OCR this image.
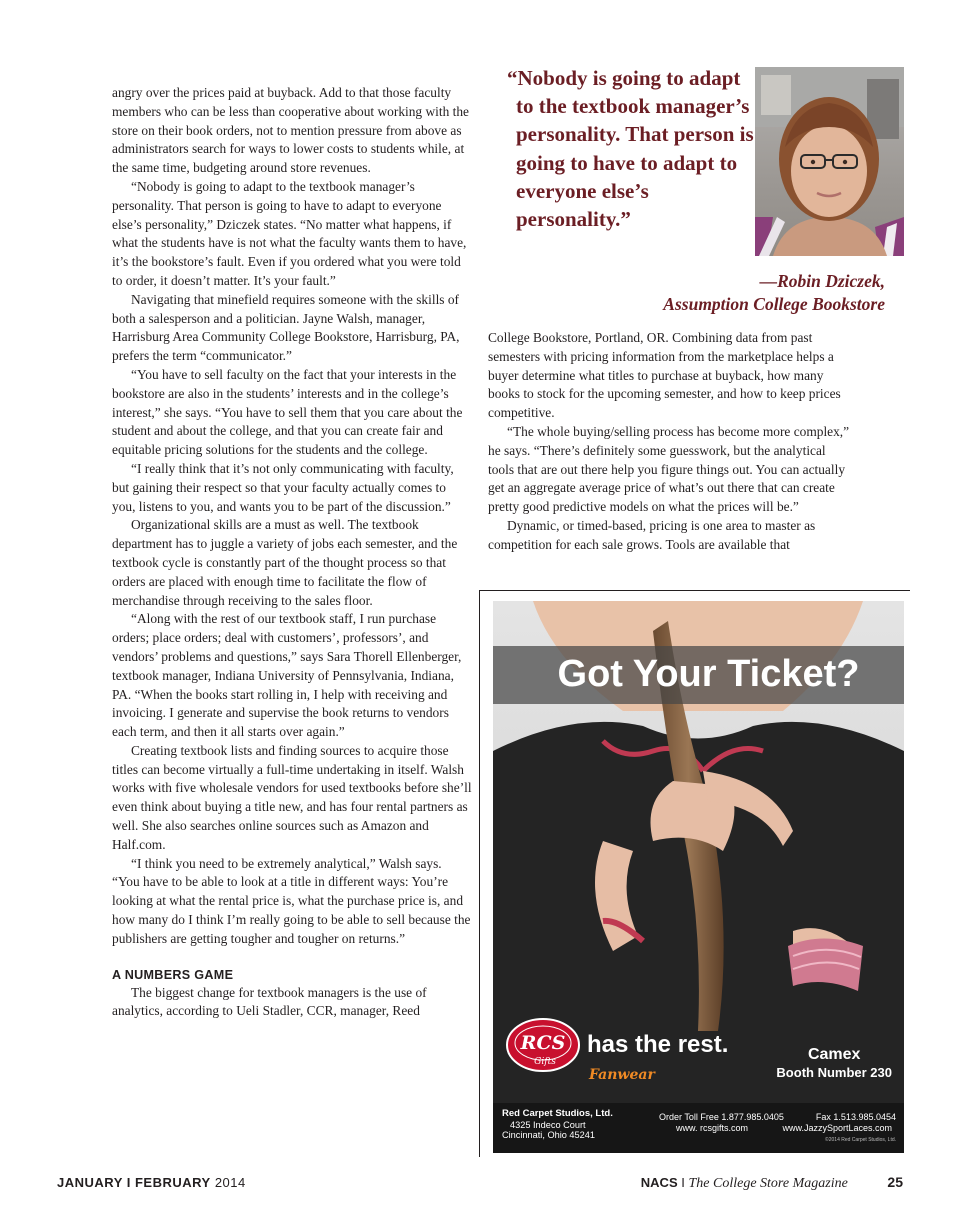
angry over the prices paid at buyback. Add to that those faculty members who can be less than cooperative about working with the store on their book orders, not to mention pressure from above as administrators search for ways to lower costs to students while, at the same time, budgeting around store revenues.

“Nobody is going to adapt to the textbook manager’s personality. That person is going to have to adapt to everyone else’s personality,” Dziczek states. “No matter what happens, if what the students have is not what the faculty wants them to have, it’s the bookstore’s fault. Even if you ordered what you were told to order, it doesn’t matter. It’s your fault.”

Navigating that minefield requires someone with the skills of both a salesperson and a politician. Jayne Walsh, manager, Harrisburg Area Community College Bookstore, Harrisburg, PA, prefers the term “communicator.”

“You have to sell faculty on the fact that your interests in the bookstore are also in the students’ interests and in the college’s interest,” she says. “You have to sell them that you care about the student and about the college, and that you can create fair and equitable pricing solutions for the students and the college.

“I really think that it’s not only communicating with faculty, but gaining their respect so that your faculty actually comes to you, listens to you, and wants you to be part of the discussion.”

Organizational skills are a must as well. The textbook department has to juggle a variety of jobs each semester, and the textbook cycle is constantly part of the thought process so that orders are placed with enough time to facilitate the flow of merchandise through receiving to the sales floor.

“Along with the rest of our textbook staff, I run purchase orders; place orders; deal with customers’, professors’, and vendors’ problems and questions,” says Sara Thorell Ellenberger, textbook manager, Indiana University of Pennsylvania, Indiana, PA. “When the books start rolling in, I help with receiving and invoicing. I generate and supervise the book returns to vendors each term, and then it all starts over again.”

Creating textbook lists and finding sources to acquire those titles can become virtually a full-time undertaking in itself. Walsh works with five wholesale vendors for used textbooks before she’ll even think about buying a title new, and has four rental partners as well. She also searches online sources such as Amazon and Half.com.

“I think you need to be extremely analytical,” Walsh says. “You have to be able to look at a title in different ways: You’re looking at what the rental price is, what the purchase price is, and how many do I think I’m really going to be able to sell because the publishers are getting tougher and tougher on returns.”

A NUMBERS GAME

The biggest change for textbook managers is the use of analytics, according to Ueli Stadler, CCR, manager, Reed

“Nobody is going to adapt to the textbook manager’s personality. That person is going to have to adapt to everyone else’s personality.”
—Robin Dziczek,
Assumption College Bookstore

College Bookstore, Portland, OR. Combining data from past semesters with pricing information from the marketplace helps a buyer determine what titles to purchase at buyback, how many books to stock for the upcoming semester, and how to keep prices competitive.

“The whole buying/selling process has become more complex,” he says. “There’s definitely some guesswork, but the analytical tools that are out there help you figure things out. You can actually get an aggregate average price of what’s out there that can create pretty good predictive models on what the prices will be.”

Dynamic, or timed-based, pricing is one area to master as competition for each sale grows. Tools are available that

Got Your Ticket?
RCS
Gifts
has the rest.
Fanwear
Camex
Booth Number 230
Red Carpet Studios, Ltd.
4325 Indeco Court
Cincinnati, Ohio 45241
Order Toll Free 1.877.985.0405	Fax 1.513.985.0454
www. rcsgifts.com	www.JazzySportLaces.com
©2014 Red Carpet Studios, Ltd.
JANUARY I FEBRUARY 2014	NACS I The College Store Magazine	25
